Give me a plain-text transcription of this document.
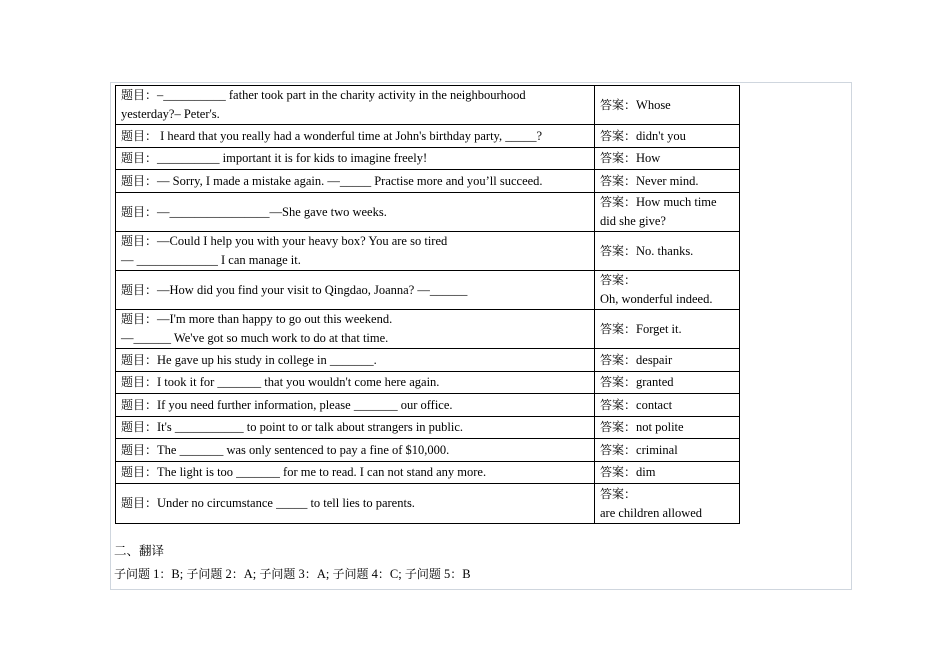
题目：–__________ father took part in the charity activity in the neighbourhood
yesterday?– Peter's.	答案：Whose

题目： I heard that you really had a wonderful time at John's birthday party, _____?	答案：didn't you

题目：__________ important it is for kids to imagine freely!	答案：How

题目：— Sorry, I made a mistake again. —_____ Practise more and you’ll succeed.	答案：Never mind.

题目：—________________—She gave two weeks.	答案：How much time
did she give?

题目：—Could I help you with your heavy box? You are so tired
— _____________ I can manage it.	答案：No. thanks.

题目：—How did you find your visit to Qingdao, Joanna? —______	答案：
Oh, wonderful indeed.

题目：—I'm more than happy to go out this weekend.
—______ We've got so much work to do at that time.	答案：Forget it.

题目：He gave up his study in college in _______.	答案：despair

题目：I took it for _______ that you wouldn't come here again.	答案：granted

题目：If you need further information, please _______ our office.	答案：contact

题目：It's ___________ to point to or talk about strangers in public.	答案：not polite

题目：The _______ was only sentenced to pay a fine of $10,000.	答案：criminal

题目：The light is too _______ for me to read. I can not stand any more.	答案：dim

题目：Under no circumstance _____ to tell lies to parents.	答案：
are children allowed
二、翻译
子问题 1：B; 子问题 2：A; 子问题 3：A; 子问题 4：C; 子问题 5：B
